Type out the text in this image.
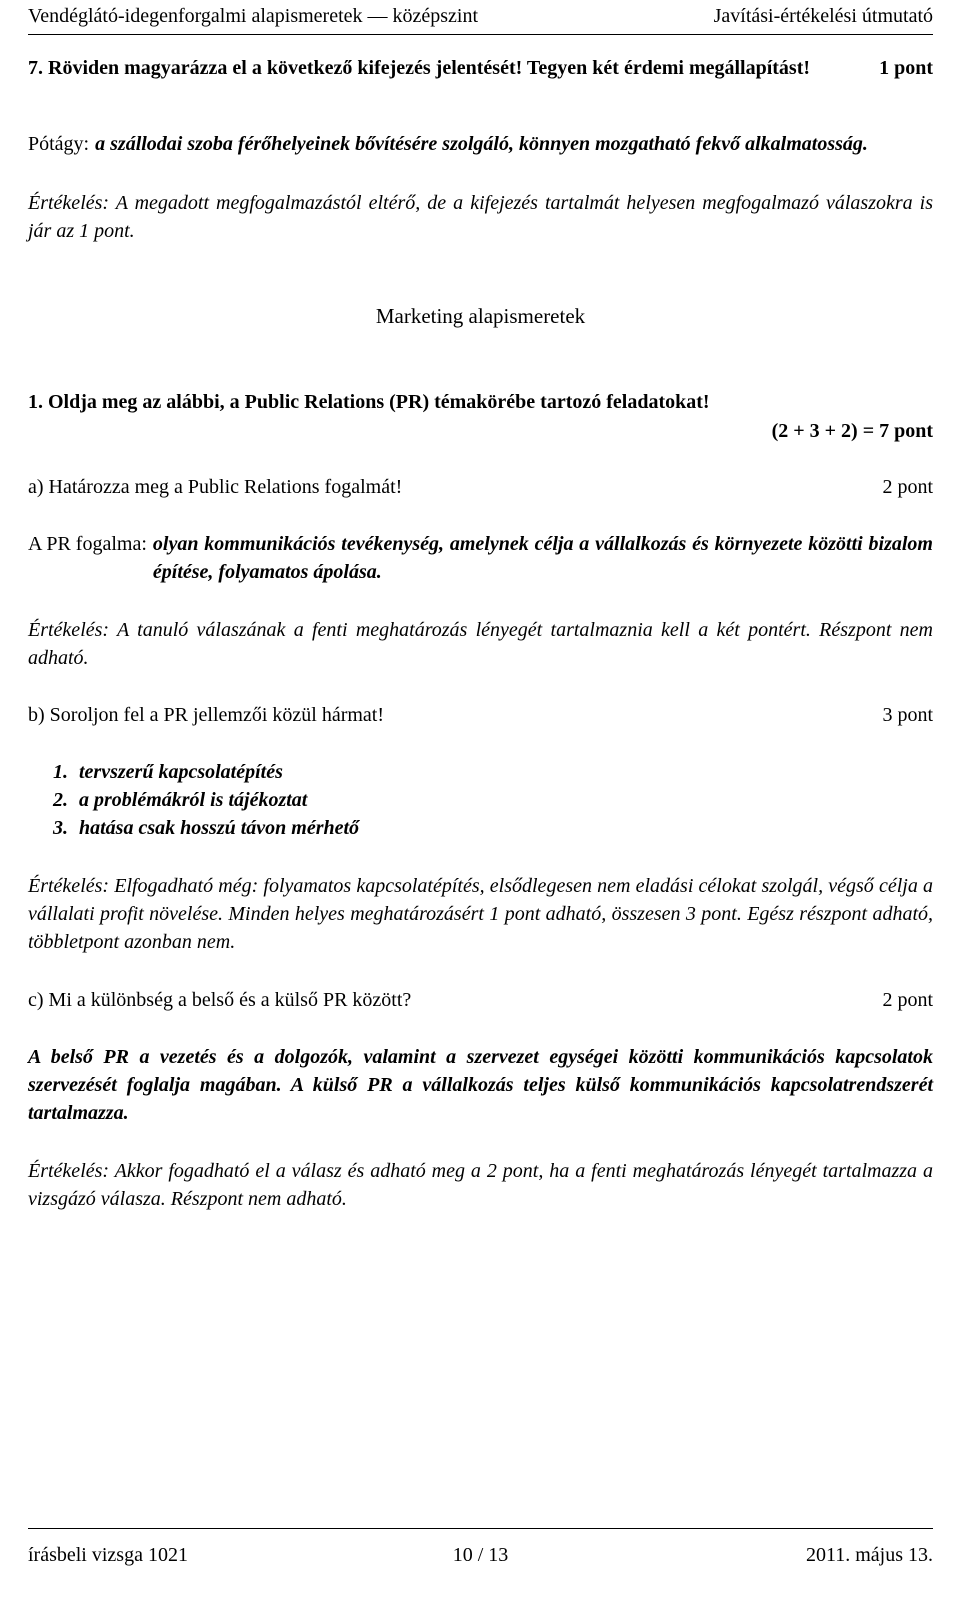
Vendéglátó-idegenforgalmi alapismeretek — középszint	Javítási-értékelési útmutató
7. Röviden magyarázza el a következő kifejezés jelentését! Tegyen két érdemi megállapítást!	1 pont
Pótágy: a szállodai szoba férőhelyeinek bővítésére szolgáló, könnyen mozgatható fekvő alkalmatosság.
Értékelés: A megadott megfogalmazástól eltérő, de a kifejezés tartalmát helyesen megfogalmazó válaszokra is jár az 1 pont.
Marketing alapismeretek
1. Oldja meg az alábbi, a Public Relations (PR) témakörébe tartozó feladatokat!
(2 + 3 + 2) = 7 pont
a) Határozza meg a Public Relations fogalmát!	2 pont
A PR fogalma: olyan kommunikációs tevékenység, amelynek célja a vállalkozás és környezete közötti bizalom építése, folyamatos ápolása.
Értékelés: A tanuló válaszának a fenti meghatározás lényegét tartalmaznia kell a két pontért. Részpont nem adható.
b) Soroljon fel a PR jellemzői közül hármat!	3 pont
1. tervszerű kapcsolatépítés
2. a problémákról is tájékoztat
3. hatása csak hosszú távon mérhető
Értékelés: Elfogadható még: folyamatos kapcsolatépítés, elsődlegesen nem eladási célokat szolgál, végső célja a vállalati profit növelése. Minden helyes meghatározásért 1 pont adható, összesen 3 pont. Egész részpont adható, többletpont azonban nem.
c) Mi a különbség a belső és a külső PR között?	2 pont
A belső PR a vezetés és a dolgozók, valamint a szervezet egységei közötti kommunikációs kapcsolatok szervezését foglalja magában. A külső PR a vállalkozás teljes külső kommunikációs kapcsolatrendszerét tartalmazza.
Értékelés: Akkor fogadható el a válasz és adható meg a 2 pont, ha a fenti meghatározás lényegét tartalmazza a vizsgázó válasza. Részpont nem adható.
írásbeli vizsga 1021	10 / 13	2011. május 13.
